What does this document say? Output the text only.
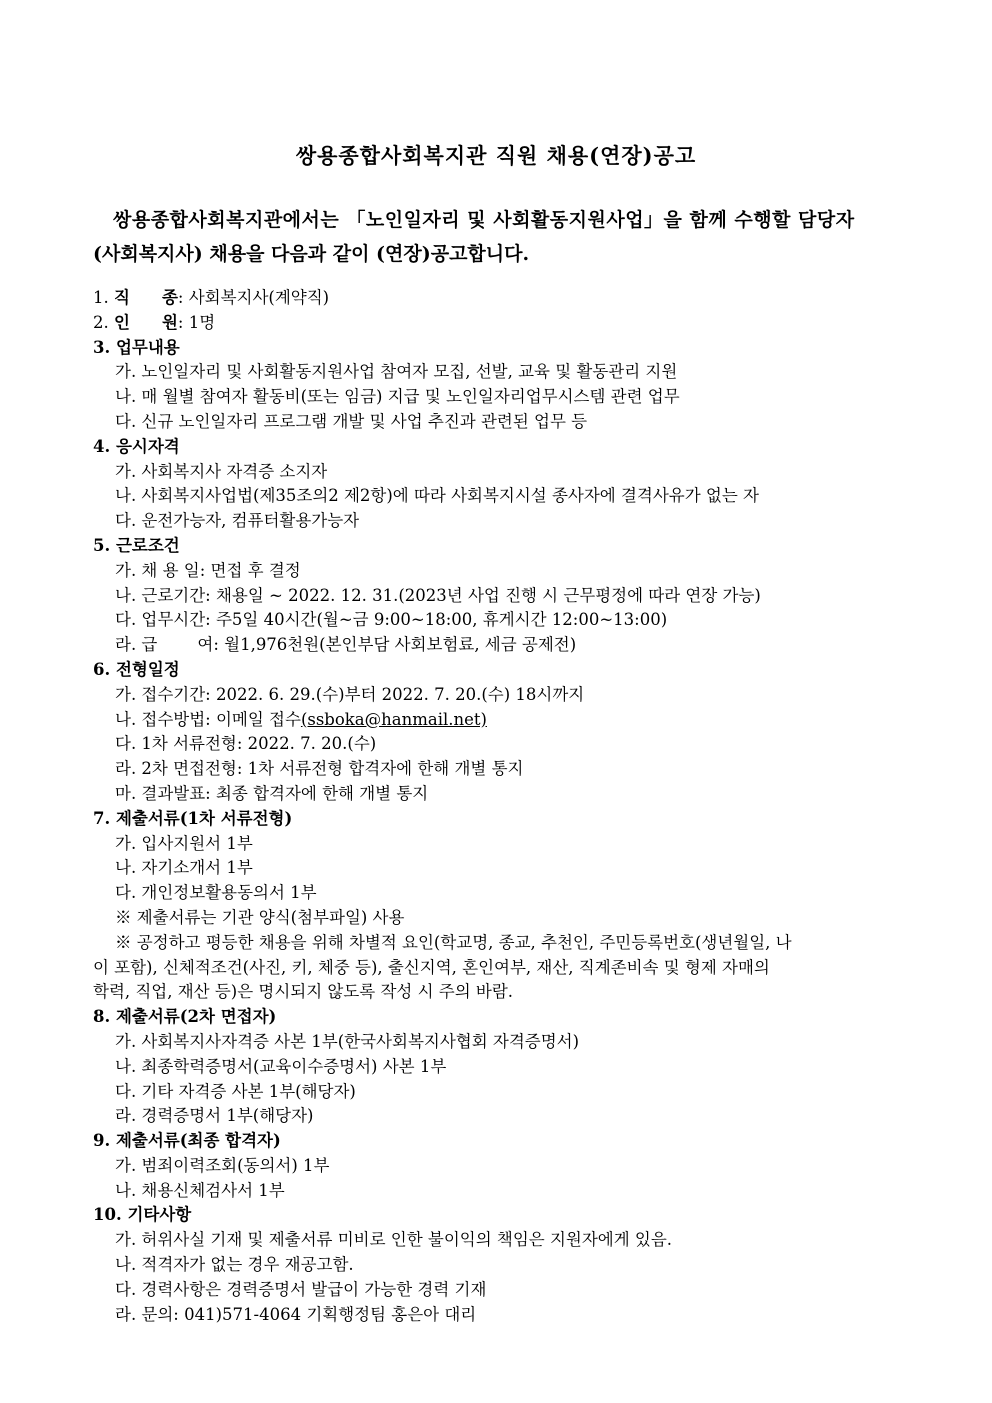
쌍용종합사회복지관 직원 채용(연장)공고
쌍용종합사회복지관에서는 「노인일자리 및 사회활동지원사업」을 함께 수행할 담당자
(사회복지사) 채용을 다음과 같이 (연장)공고합니다.
1. 직 종: 사회복지사(계약직)
2. 인 원: 1명
3. 업무내용
가. 노인일자리 및 사회활동지원사업 참여자 모집, 선발, 교육 및 활동관리 지원
나. 매 월별 참여자 활동비(또는 임금) 지급 및 노인일자리업무시스템 관련 업무
다. 신규 노인일자리 프로그램 개발 및 사업 추진과 관련된 업무 등
4. 응시자격
가. 사회복지사 자격증 소지자
나. 사회복지사업법(제35조의2 제2항)에 따라 사회복지시설 종사자에 결격사유가 없는 자
다. 운전가능자, 컴퓨터활용가능자
5. 근로조건
가. 채 용 일: 면접 후 결정
나. 근로기간: 채용일 ~ 2022. 12. 31.(2023년 사업 진행 시 근무평정에 따라 연장 가능)
다. 업무시간: 주5일 40시간(월~금 9:00~18:00, 휴게시간 12:00~13:00)
라. 급 여: 월1,976천원(본인부담 사회보험료, 세금 공제전)
6. 전형일정
가. 접수기간: 2022. 6. 29.(수)부터 2022. 7. 20.(수) 18시까지
나. 접수방법: 이메일 접수(ssboka@hanmail.net)
다. 1차 서류전형: 2022. 7. 20.(수)
라. 2차 면접전형: 1차 서류전형 합격자에 한해 개별 통지
마. 결과발표: 최종 합격자에 한해 개별 통지
7. 제출서류(1차 서류전형)
가. 입사지원서 1부
나. 자기소개서 1부
다. 개인정보활용동의서 1부
※ 제출서류는 기관 양식(첨부파일) 사용
※ 공정하고 평등한 채용을 위해 차별적 요인(학교명, 종교, 추천인, 주민등록번호(생년월일, 나
이 포함), 신체적조건(사진, 키, 체중 등), 출신지역, 혼인여부, 재산, 직계존비속 및 형제 자매의
학력, 직업, 재산 등)은 명시되지 않도록 작성 시 주의 바람.
8. 제출서류(2차 면접자)
가. 사회복지사자격증 사본 1부(한국사회복지사협회 자격증명서)
나. 최종학력증명서(교육이수증명서) 사본 1부
다. 기타 자격증 사본 1부(해당자)
라. 경력증명서 1부(해당자)
9. 제출서류(최종 합격자)
가. 범죄이력조회(동의서) 1부
나. 채용신체검사서 1부
10. 기타사항
가. 허위사실 기재 및 제출서류 미비로 인한 불이익의 책임은 지원자에게 있음.
나. 적격자가 없는 경우 재공고함.
다. 경력사항은 경력증명서 발급이 가능한 경력 기재
라. 문의: 041)571-4064 기획행정팀 홍은아 대리
